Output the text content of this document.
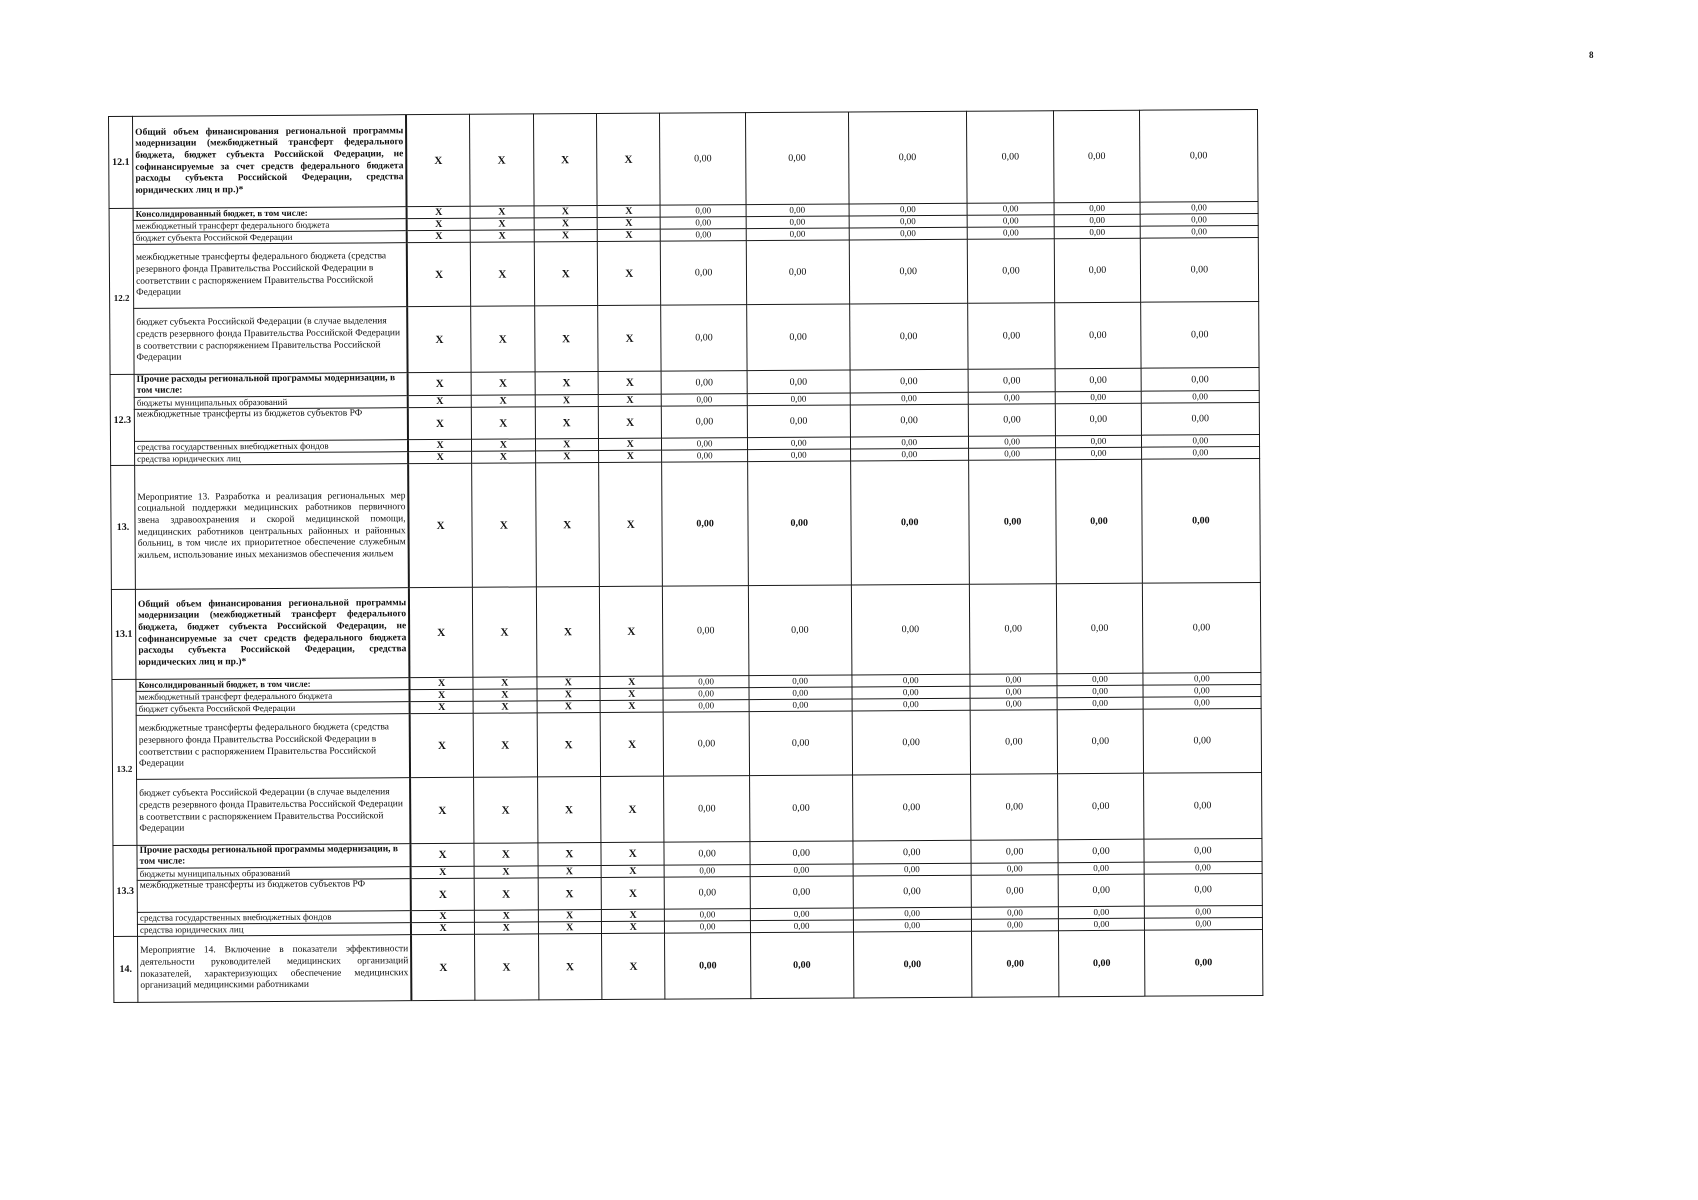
8
12.1	Общий объем финансирования региональной программы модернизации (межбюджетный трансферт федерального бюджета, бюджет субъекта Российской Федерации, не софинансируемые за счет средств федерального бюджета расходы субъекта Российской Федерации, средства юридических лиц и пр.)*	X	X	X	X	0,00	0,00	0,00	0,00	0,00	0,00
12.2	Консолидированный бюджет, в том числе:	X	X	X	X	0,00	0,00	0,00	0,00	0,00	0,00
	межбюджетный трансферт федерального бюджета	X	X	X	X	0,00	0,00	0,00	0,00	0,00	0,00
	бюджет субъекта Российской Федерации	X	X	X	X	0,00	0,00	0,00	0,00	0,00	0,00
	межбюджетные трансферты федерального бюджета (средства резервного фонда Правительства Российской Федерации в соответствии с распоряжением Правительства Российской Федерации	X	X	X	X	0,00	0,00	0,00	0,00	0,00	0,00
	бюджет субъекта Российской Федерации (в случае выделения средств резервного фонда Правительства Российской Федерации в соответствии с распоряжением Правительства Российской Федерации	X	X	X	X	0,00	0,00	0,00	0,00	0,00	0,00
12.3	Прочие расходы региональной программы модернизации, в том числе:	X	X	X	X	0,00	0,00	0,00	0,00	0,00	0,00
	бюджеты муниципальных образований	X	X	X	X	0,00	0,00	0,00	0,00	0,00	0,00
	межбюджетные трансферты из бюджетов субъектов РФ	X	X	X	X	0,00	0,00	0,00	0,00	0,00	0,00
	средства государственных внебюджетных фондов	X	X	X	X	0,00	0,00	0,00	0,00	0,00	0,00
	средства юридических лиц	X	X	X	X	0,00	0,00	0,00	0,00	0,00	0,00
13.	Мероприятие 13. Разработка и реализация региональных мер социальной поддержки медицинских работников первичного звена здравоохранения и скорой медицинской помощи, медицинских работников центральных районных и районных больниц, в том числе их приоритетное обеспечение служебным жильем, использование иных механизмов обеспечения жильем	X	X	X	X	0,00	0,00	0,00	0,00	0,00	0,00
13.1	Общий объем финансирования региональной программы модернизации (межбюджетный трансферт федерального бюджета, бюджет субъекта Российской Федерации, не софинансируемые за счет средств федерального бюджета расходы субъекта Российской Федерации, средства юридических лиц и пр.)*	X	X	X	X	0,00	0,00	0,00	0,00	0,00	0,00
13.2	Консолидированный бюджет, в том числе:	X	X	X	X	0,00	0,00	0,00	0,00	0,00	0,00
	межбюджетный трансферт федерального бюджета	X	X	X	X	0,00	0,00	0,00	0,00	0,00	0,00
	бюджет субъекта Российской Федерации	X	X	X	X	0,00	0,00	0,00	0,00	0,00	0,00
	межбюджетные трансферты федерального бюджета (средства резервного фонда Правительства Российской Федерации в соответствии с распоряжением Правительства Российской Федерации	X	X	X	X	0,00	0,00	0,00	0,00	0,00	0,00
	бюджет субъекта Российской Федерации (в случае выделения средств резервного фонда Правительства Российской Федерации в соответствии с распоряжением Правительства Российской Федерации	X	X	X	X	0,00	0,00	0,00	0,00	0,00	0,00
13.3	Прочие расходы региональной программы модернизации, в том числе:	X	X	X	X	0,00	0,00	0,00	0,00	0,00	0,00
	бюджеты муниципальных образований	X	X	X	X	0,00	0,00	0,00	0,00	0,00	0,00
	межбюджетные трансферты из бюджетов субъектов РФ	X	X	X	X	0,00	0,00	0,00	0,00	0,00	0,00
	средства государственных внебюджетных фондов	X	X	X	X	0,00	0,00	0,00	0,00	0,00	0,00
	средства юридических лиц	X	X	X	X	0,00	0,00	0,00	0,00	0,00	0,00
14.	Мероприятие 14. Включение в показатели эффективности деятельности руководителей медицинских организаций показателей, характеризующих обеспечение медицинских организаций медицинскими работниками	X	X	X	X	0,00	0,00	0,00	0,00	0,00	0,00
